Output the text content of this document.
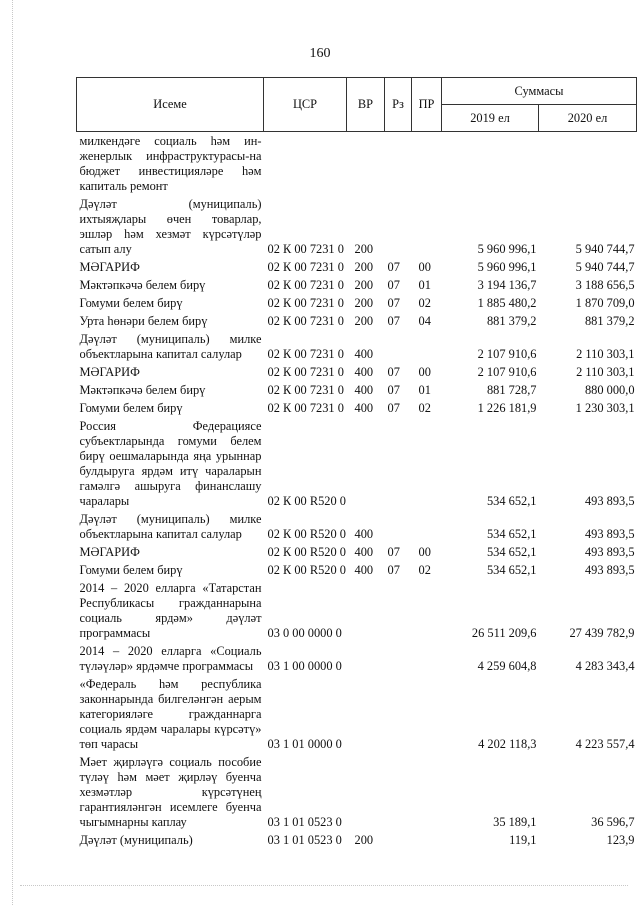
160
Исеме	ЦСР	ВР	Рз	ПР	Суммасы	
					2019 ел	2020 ел
милкендәге социаль һәм ин-женерлык инфраструктурасы-на бюджет инвестицияләре һәм капиталь ремонт						
Дәүләт (муниципаль) ихтыяҗлары өчен товарлар, эшләр һәм хезмәт күрсәтүләр сатып алу	02 К 00 7231 0	200			5 960 996,1	5 940 744,7
МӘГАРИФ	02 К 00 7231 0	200	07	00	5 960 996,1	5 940 744,7
Мәктәпкәчә белем бирү	02 К 00 7231 0	200	07	01	3 194 136,7	3 188 656,5
Гомуми белем бирү	02 К 00 7231 0	200	07	02	1 885 480,2	1 870 709,0
Урта һөнәри белем бирү	02 К 00 7231 0	200	07	04	881 379,2	881 379,2
Дәүләт (муниципаль) милке объектларына капитал салулар	02 К 00 7231 0	400			2 107 910,6	2 110 303,1
МӘГАРИФ	02 К 00 7231 0	400	07	00	2 107 910,6	2 110 303,1
Мәктәпкәчә белем бирү	02 К 00 7231 0	400	07	01	881 728,7	880 000,0
Гомуми белем бирү	02 К 00 7231 0	400	07	02	1 226 181,9	1 230 303,1
Россия Федерациясе субъектларында гомуми белем бирү оешмаларында яңа урыннар булдыруга ярдәм итү чараларын гамәлгә ашыруга финанслашу чаралары	02 К 00 R520 0				534 652,1	493 893,5
Дәүләт (муниципаль) милке объектларына капитал салулар	02 К 00 R520 0	400			534 652,1	493 893,5
МӘГАРИФ	02 К 00 R520 0	400	07	00	534 652,1	493 893,5
Гомуми белем бирү	02 К 00 R520 0	400	07	02	534 652,1	493 893,5
2014 – 2020 елларга «Татарстан Республикасы гражданнарына социаль ярдәм» дәүләт программасы	03 0 00 0000 0				26 511 209,6	27 439 782,9
2014 – 2020 елларга «Социаль түләүләр» ярдәмче программасы	03 1 00 0000 0				4 259 604,8	4 283 343,4
«Федераль һәм республика законнарында билгеләнгән аерым категорияләге гражданнарга социаль ярдәм чаралары күрсәтү» төп чарасы	03 1 01 0000 0				4 202 118,3	4 223 557,4
Мәет җирләүгә социаль пособие түләү һәм мәет җирләү буенча хезмәтләр күрсәтүнең гарантияләнгән исемлеге буенча чыгымнарны каплау	03 1 01 0523 0				35 189,1	36 596,7
Дәүләт (муниципаль)	03 1 01 0523 0	200			119,1	123,9
